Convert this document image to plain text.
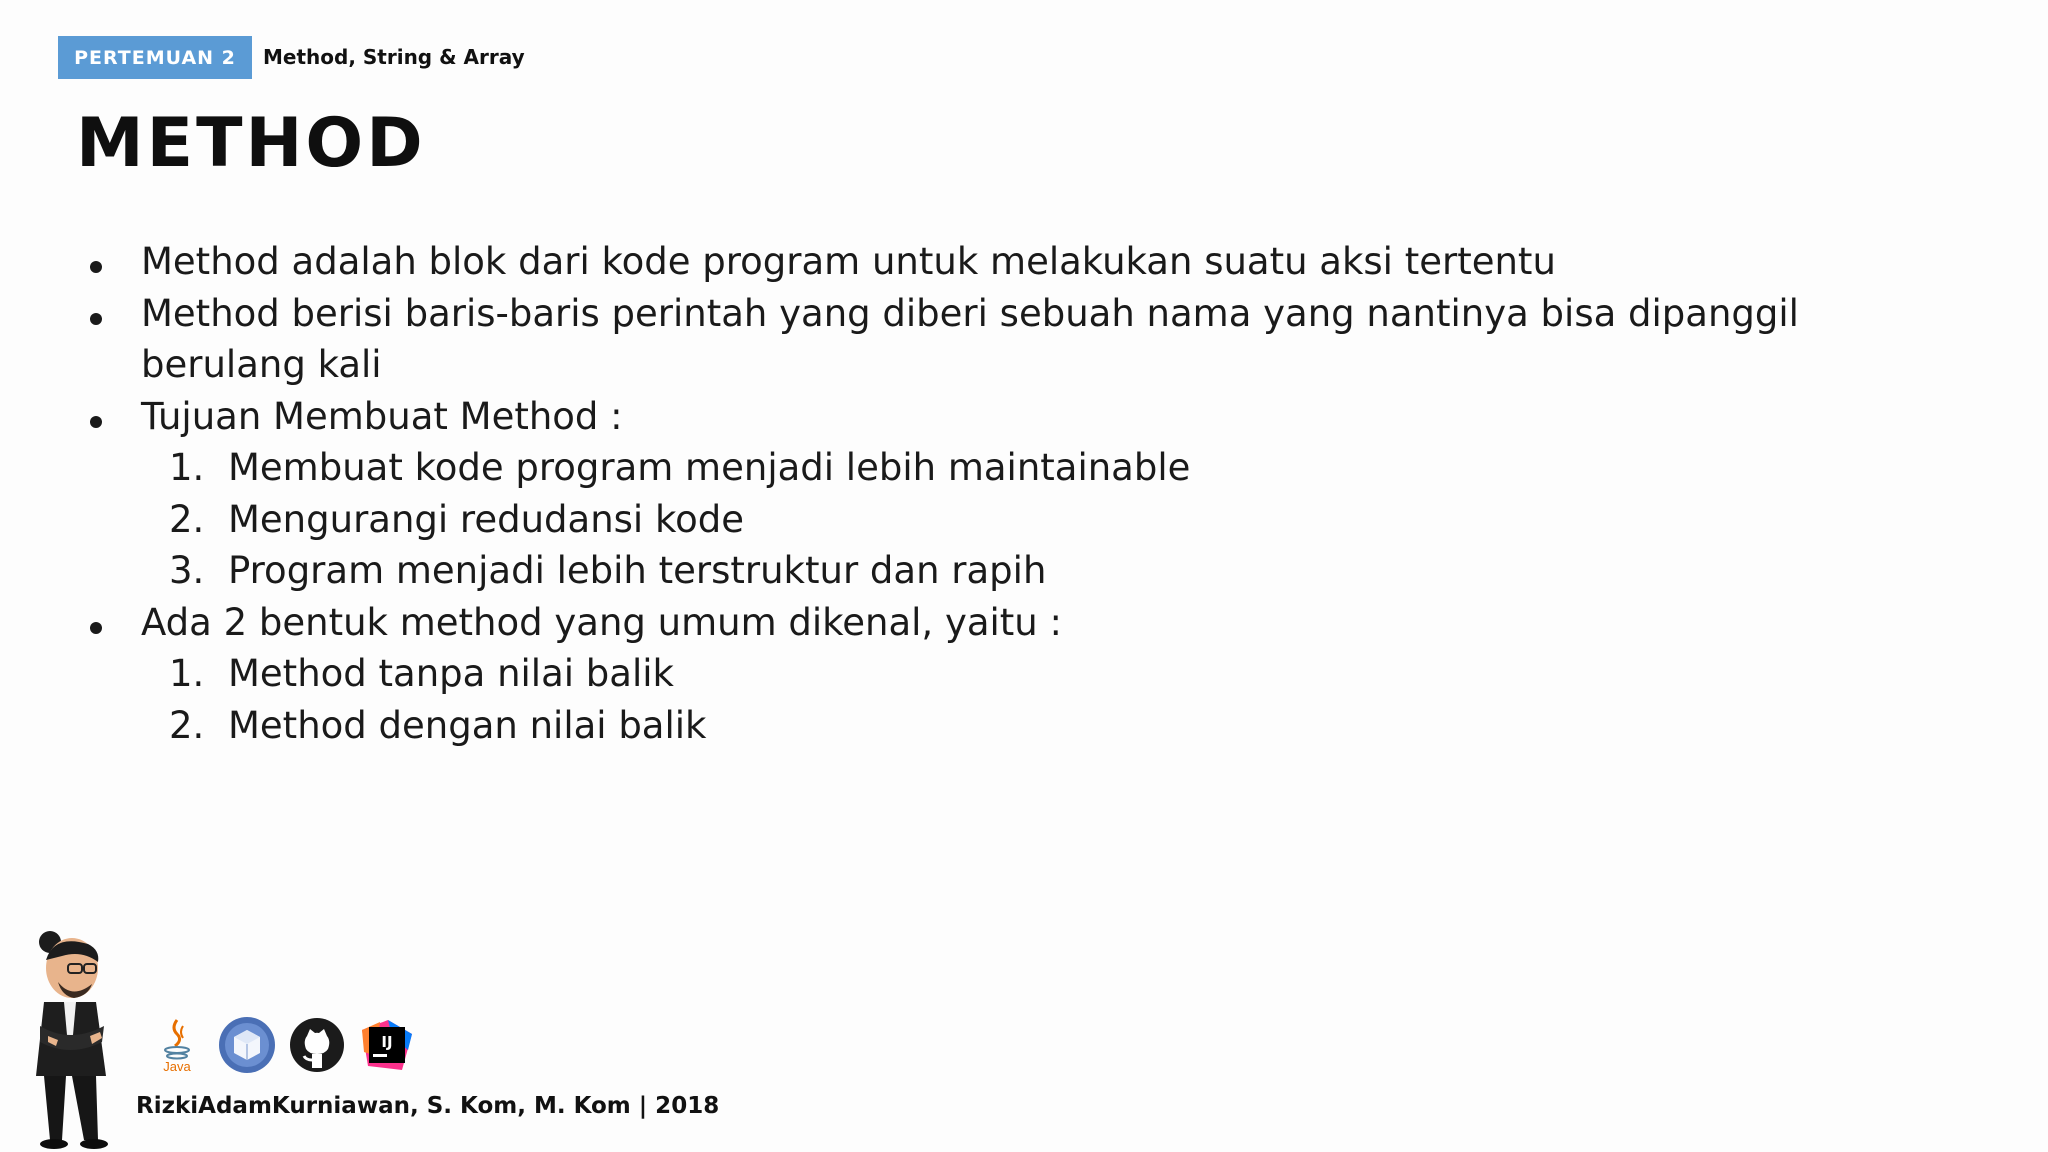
PERTEMUAN 2	Method, String & Array
METHOD
Method adalah blok dari kode program untuk melakukan suatu aksi tertentu
Method berisi baris-baris perintah yang diberi sebuah nama yang nantinya bisa dipanggil
berulang kali
Tujuan Membuat Method :
1. Membuat kode program menjadi lebih maintainable
2. Mengurangi redudansi kode
3. Program menjadi lebih terstruktur dan rapih
Ada 2 bentuk method yang umum dikenal, yaitu :
1. Method tanpa nilai balik
2. Method dengan nilai balik
Java
IJ
RizkiAdamKurniawan, S. Kom, M. Kom | 2018
